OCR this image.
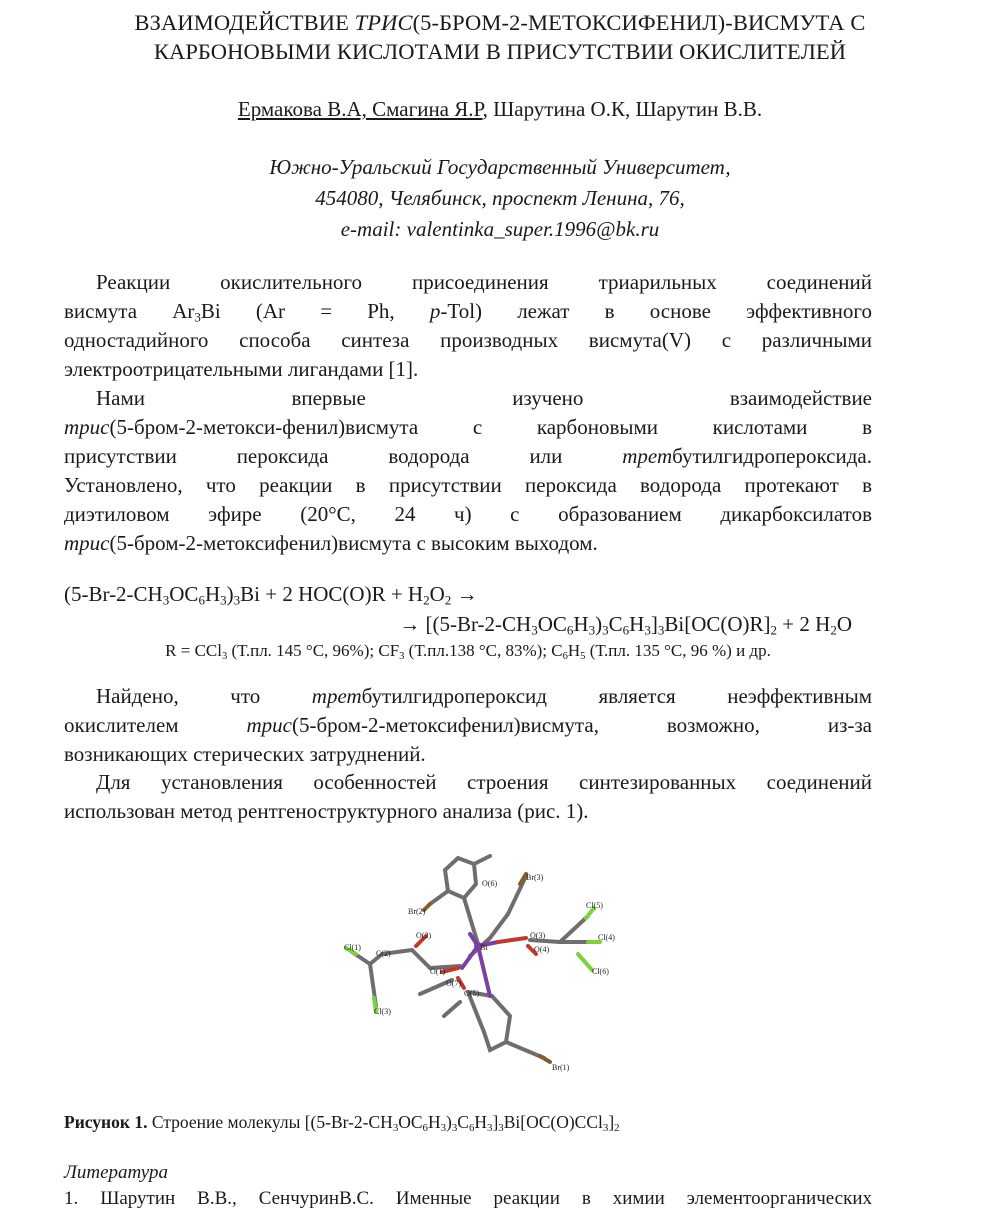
ВЗАИМОДЕЙСТВИЕ ТРИС(5-БРОМ-2-МЕТОКСИФЕНИЛ)-ВИСМУТА С
КАРБОНОВЫМИ КИСЛОТАМИ В ПРИСУТСТВИИ ОКИСЛИТЕЛЕЙ
Ермакова В.А, Смагина Я.Р, Шарутина О.К, Шарутин В.В.
Южно-Уральский Государственный Университет,
454080, Челябинск, проспект Ленина, 76,
e-mail: valentinka_super.1996@bk.ru
Реакции окислительного присоединения триарильных соединений
висмута $Ar_3Bi$ (Ar = Ph, p-Tol) лежат в основе эффективного
одностадийного способа синтеза производных висмута(V) с различными
электроотрицательными лигандами [1].
Нами впервые изучено взаимодействие
трис(5-бром-2-метокси-фенил)висмута с карбоновыми кислотами в
присутствии пероксида водорода или третбутилгидропероксида.
Установлено, что реакции в присутствии пероксида водорода протекают в
диэтиловом эфире (20°C, 24 ч) с образованием дикарбоксилатов
трис(5-бром-2-метоксифенил)висмута с высоким выходом.
$(5-Br-2-CH_3OC_6H_3)_3Bi + 2$ $HOC(O)R + H_2O_2$ →
→ $[(5-Br-2-CH_3OC_6H_3)_3C_6H_3]_3Bi[OC(O)R]_2 + 2$ $H_2O$
R = CCl$_3$ (Т.пл. 145 °C, 96%); $CF_3$ (Т.пл.138 °C, 83%); $C_6H_5$ (Т.пл. 135 °C, 96 %) и др.
Найдено, что третбутилгидропероксид является неэффективным
окислителем трис(5-бром-2-метоксифенил)висмута, возможно, из-за
возникающих стерических затруднений.
Для установления особенностей строения синтезированных соединений
использован метод рентгеноструктурного анализа (рис. 1).
O(6)
Br(3)
Br(2)
O(2)
Cl(1)
C(2)
Bi
O(3)
O(4)
Cl(5)
Cl(4)
Cl(6)
O(1)
O(7)
O(5)
Cl(3)
Br(1)
Рисунок 1. Строение молекулы $[(5-Br-2-CH_3OC_6H_3)_3C_6H_3]_3Bi[OC(O)CCl_3]_2$
Литература
1. Шарутин В.В., СенчуринВ.С. Именные реакции в химии элементоорганических
